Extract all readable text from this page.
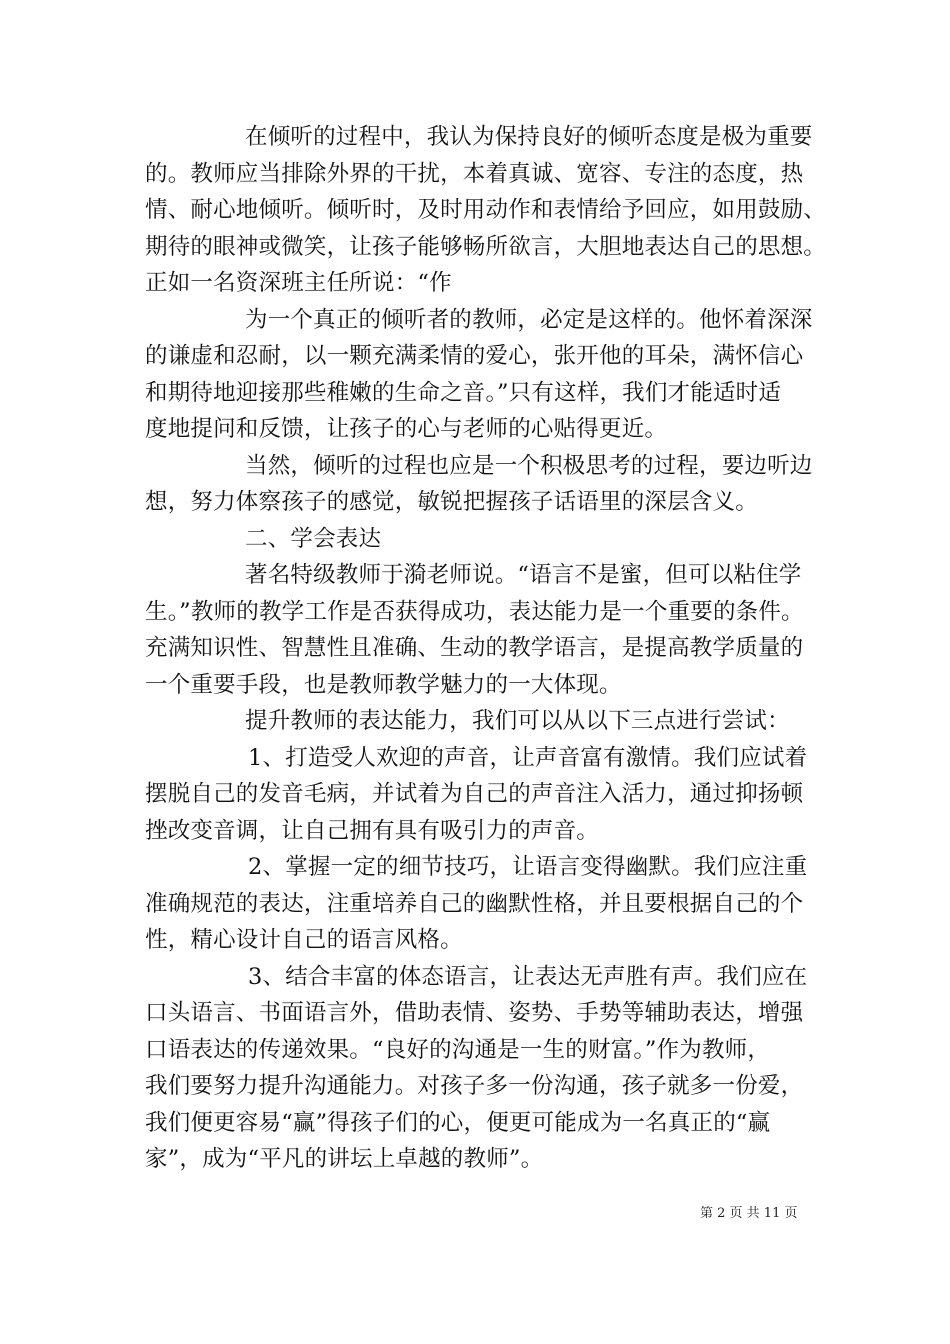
在倾听的过程中，我认为保持良好的倾听态度是极为重要
的。教师应当排除外界的干扰，本着真诚、宽容、专注的态度，热
情、耐心地倾听。倾听时，及时用动作和表情给予回应，如用鼓励、
期待的眼神或微笑，让孩子能够畅所欲言，大胆地表达自己的思想。
正如一名资深班主任所说：“作
为一个真正的倾听者的教师，必定是这样的。他怀着深深
的谦虚和忍耐，以一颗充满柔情的爱心，张开他的耳朵，满怀信心
和期待地迎接那些稚嫩的生命之音。”只有这样，我们才能适时适
度地提问和反馈，让孩子的心与老师的心贴得更近。
当然，倾听的过程也应是一个积极思考的过程，要边听边
想，努力体察孩子的感觉，敏锐把握孩子话语里的深层含义。
二、学会表达
著名特级教师于漪老师说。“语言不是蜜，但可以粘住学
生。”教师的教学工作是否获得成功，表达能力是一个重要的条件。
充满知识性、智慧性且准确、生动的教学语言，是提高教学质量的
一个重要手段，也是教师教学魅力的一大体现。
提升教师的表达能力，我们可以从以下三点进行尝试：
1、打造受人欢迎的声音，让声音富有激情。我们应试着
摆脱自己的发音毛病，并试着为自己的声音注入活力，通过抑扬顿
挫改变音调，让自己拥有具有吸引力的声音。
2、掌握一定的细节技巧，让语言变得幽默。我们应注重
准确规范的表达，注重培养自己的幽默性格，并且要根据自己的个
性，精心设计自己的语言风格。
3、结合丰富的体态语言，让表达无声胜有声。我们应在
口头语言、书面语言外，借助表情、姿势、手势等辅助表达，增强
口语表达的传递效果。“良好的沟通是一生的财富。”作为教师，
我们要努力提升沟通能力。对孩子多一份沟通，孩子就多一份爱，
我们便更容易“赢”得孩子们的心，便更可能成为一名真正的“赢
家”，成为“平凡的讲坛上卓越的教师”。
第 2 页 共 11 页
